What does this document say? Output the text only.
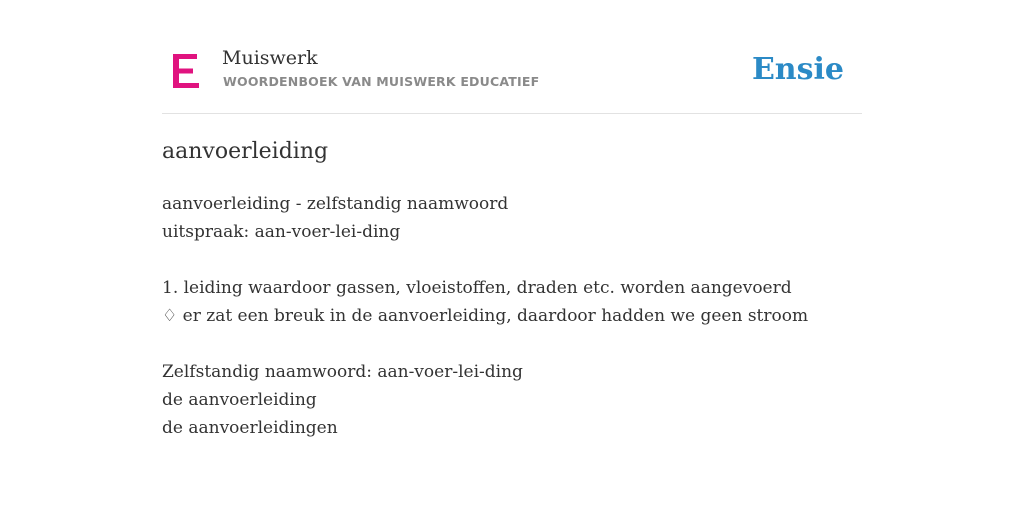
Muiswerk
WOORDENBOEK VAN MUISWERK EDUCATIEF	Ensie
aanvoerleiding
aanvoerleiding - zelfstandig naamwoord
uitspraak: aan-voer-lei-ding
1. leiding waardoor gassen, vloeistoffen, draden etc. worden aangevoerd
♢ er zat een breuk in de aanvoerleiding, daardoor hadden we geen stroom
Zelfstandig naamwoord: aan-voer-lei-ding
de aanvoerleiding
de aanvoerleidingen
